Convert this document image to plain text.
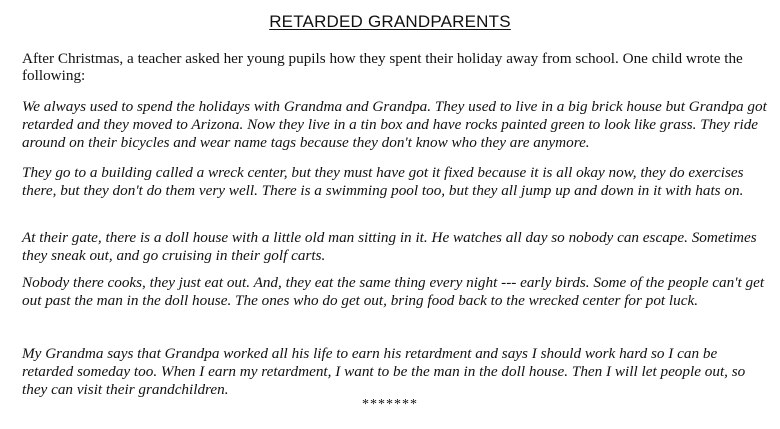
RETARDED GRANDPARENTS
After Christmas, a teacher asked her young pupils how they spent their holiday away from school. One child wrote the following:
We always used to spend the holidays with Grandma and Grandpa. They used to live in a big brick house but Grandpa got retarded and they moved to Arizona. Now they live in a tin box and have rocks painted green to look like grass. They ride around on their bicycles and wear name tags because they don't know who they are anymore.
They go to a building called a wreck center, but they must have got it fixed because it is all okay now, they do exercises there, but they don't do them very well. There is a swimming pool too, but they all jump up and down in it with hats on.
At their gate, there is a doll house with a little old man sitting in it. He watches all day so nobody can escape. Sometimes they sneak out, and go cruising in their golf carts.
Nobody there cooks, they just eat out. And, they eat the same thing every night --- early birds. Some of the people can't get out past the man in the doll house. The ones who do get out, bring food back to the wrecked center for pot luck.
My Grandma says that Grandpa worked all his life to earn his retardment and says I should work hard so I can be retarded someday too. When I earn my retardment, I want to be the man in the doll house. Then I will let people out, so they can visit their grandchildren.
*******
